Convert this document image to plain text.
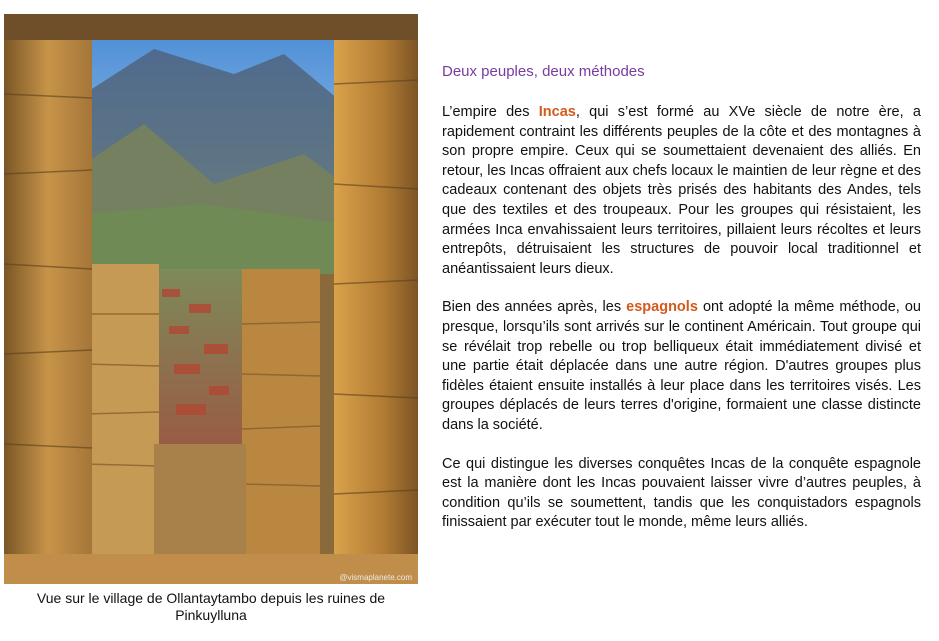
@vismaplanete.com
Vue sur le village de Ollantaytambo depuis les ruines de Pinkuylluna
Deux peuples, deux méthodes

L’empire des Incas, qui s’est formé au XVe siècle de notre ère, a rapidement contraint les différents peuples de la côte et des montagnes à son propre empire. Ceux qui se soumettaient devenaient des alliés. En retour, les Incas offraient aux chefs locaux le maintien de leur règne et des cadeaux contenant des objets très prisés des habitants des Andes, tels que des textiles et des troupeaux. Pour les groupes qui résistaient, les armées Inca envahissaient leurs territoires, pillaient leurs récoltes et leurs entrepôts, détruisaient les structures de pouvoir local traditionnel et anéantissaient leurs dieux.

Bien des années après, les espagnols ont adopté la même méthode, ou presque, lorsqu’ils sont arrivés sur le continent Américain. Tout groupe qui se révélait trop rebelle ou trop belliqueux était immédiatement divisé et une partie était déplacée dans une autre région. D'autres groupes plus fidèles étaient ensuite installés à leur place dans les territoires visés. Les groupes déplacés de leurs terres d'origine, formaient une classe distincte dans la société.

Ce qui distingue les diverses conquêtes Incas de la conquête espagnole est la manière dont les Incas pouvaient laisser vivre d’autres peuples, à condition qu’ils se soumettent, tandis que les conquistadors espagnols finissaient par exécuter tout le monde, même leurs alliés.
